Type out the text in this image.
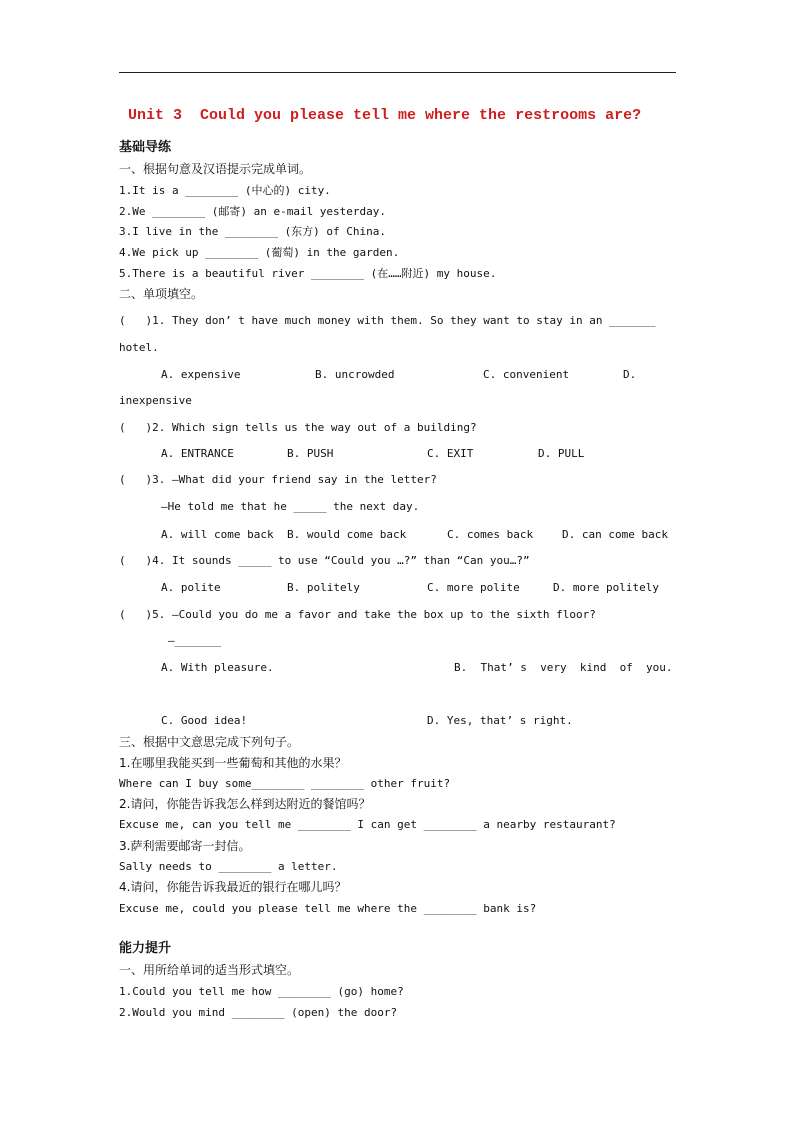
Unit 3  Could you please tell me where the restrooms are?
基础导练
一、根据句意及汉语提示完成单词。
1.It is a ________ (中心的) city.
2.We ________ (邮寄) an e-mail yesterday.
3.I live in the ________ (东方) of China.
4.We pick up ________ (葡萄) in the garden.
5.There is a beautiful river ________ (在……附近) my house.
二、单项填空。
(   )1. They don’ t have much money with them. So they want to stay in an _______
hotel.
A. expensive	B. uncrowded	C. convenient	D.
inexpensive
(   )2. Which sign tells us the way out of a building?
A. ENTRANCE	B. PUSH	C. EXIT	D. PULL
(   )3. —What did your friend say in the letter?
—He told me that he _____ the next day.
A. will come back B. would come back	C. comes back	D. can come back
(   )4. It sounds _____ to use “Could you …?” than “Can you…?”
A. polite	B. politely	C. more polite	D. more politely
(   )5. —Could you do me a favor and take the box up to the sixth floor?
—_______
A. With pleasure.	B.  That’ s  very  kind  of  you.
C. Good idea!	D. Yes, that’ s right.
三、根据中文意思完成下列句子。
1.在哪里我能买到一些葡萄和其他的水果？
Where can I buy some________ ________ other fruit?
2.请问，你能告诉我怎么样到达附近的餐馆吗？
Excuse me, can you tell me ________ I can get ________ a nearby restaurant?
3.萨利需要邮寄一封信。
Sally needs to ________ a letter.
4.请问，你能告诉我最近的银行在哪儿吗？
Excuse me, could you please tell me where the ________ bank is?
能力提升
一、用所给单词的适当形式填空。
1.Could you tell me how ________ (go) home?
2.Would you mind ________ (open) the door?
